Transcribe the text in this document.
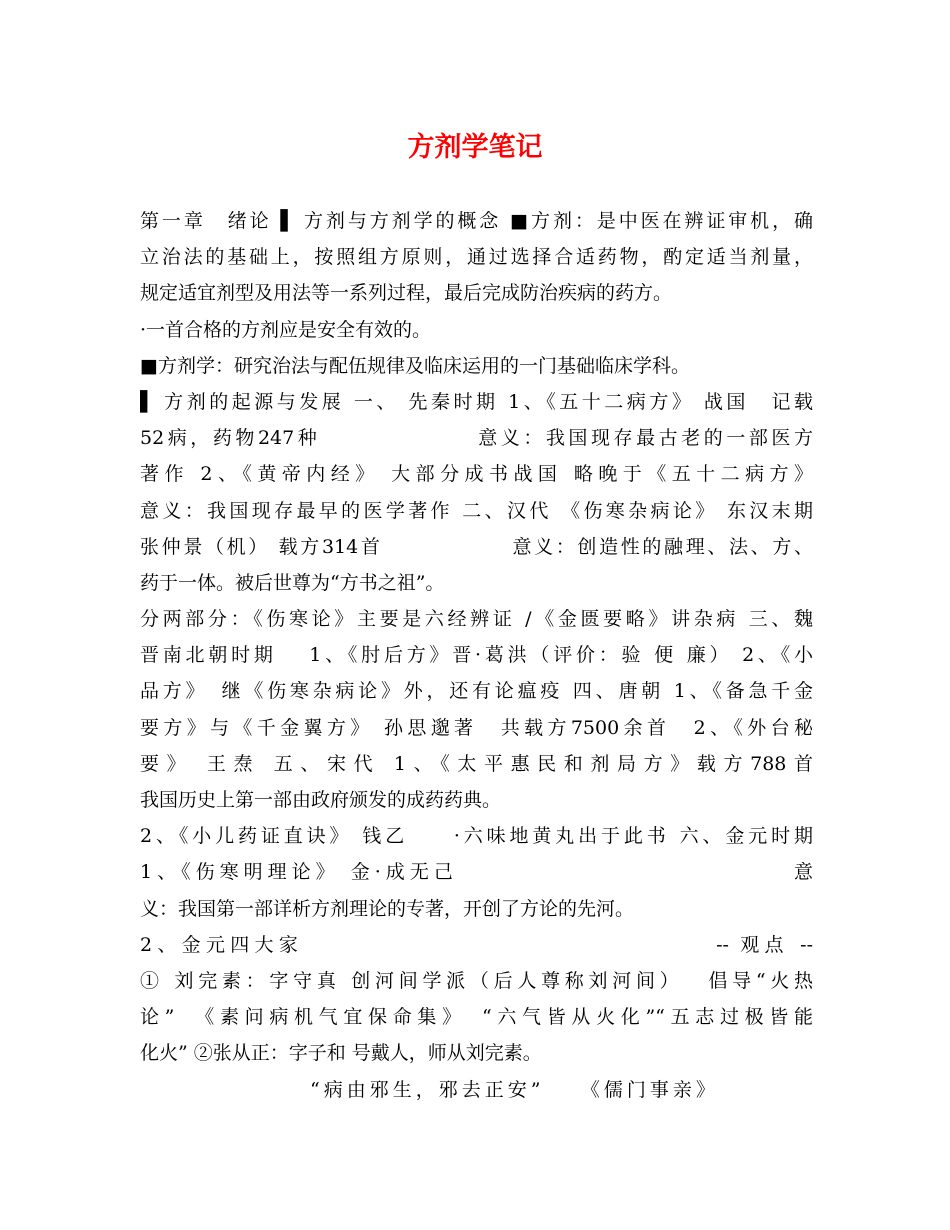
方剂学笔记
第一章　绪论 ▌ 方剂与方剂学的概念 ■方剂：是中医在辨证审机，确
立治法的基础上，按照组方原则，通过选择合适药物，酌定适当剂量，
规定适宜剂型及用法等一系列过程，最后完成防治疾病的药方。
·一首合格的方剂应是安全有效的。
■方剂学：研究治法与配伍规律及临床运用的一门基础临床学科。
▌ 方剂的起源与发展 一、 先秦时期 1、《五十二病方》 战国　记载
52病，药物247种　　　　　　　意义：我国现存最古老的一部医方
著作 2、《黄帝内经》 大部分成书战国 略晚于《五十二病方》
意义：我国现存最早的医学著作 二、汉代 《伤寒杂病论》 东汉末期
张仲景（机） 载方314首　　　　　　意义：创造性的融理、法、方、
药于一体。被后世尊为“方书之祖”。
分两部分：《伤寒论》主要是六经辨证 /《金匮要略》讲杂病 三、魏
晋南北朝时期　 1、《肘后方》晋·葛洪（评价：验 便 廉） 2、《小
品方》　继《伤寒杂病论》外，还有论瘟疫 四、唐朝 1、《备急千金
要方》与《千金翼方》 孙思邈著　共载方7500余首　2、《外台秘
要》 王焘 五、宋代 1、《太平惠民和剂局方》载方788首
我国历史上第一部由政府颁发的成药药典。
2、《小儿药证直诀》 钱乙　　·六味地黄丸出于此书 六、金元时期
1、《伤寒明理论》 金·成无己　　　　　　　　　　　　　　意
义：我国第一部详析方剂理论的专著，开创了方论的先河。
2、金元四大家　　　　　　　　　　　　　　　　　-- 观点 --
① 刘完素：字守真 创河间学派（后人尊称刘河间）　 倡导“火热
论”　《素问病机气宜保命集》　“六气皆从火化”“五志过极皆能
化火” ②张从正：字子和 号戴人，师从刘完素。
“病由邪生，邪去正安”　　《儒门事亲》
